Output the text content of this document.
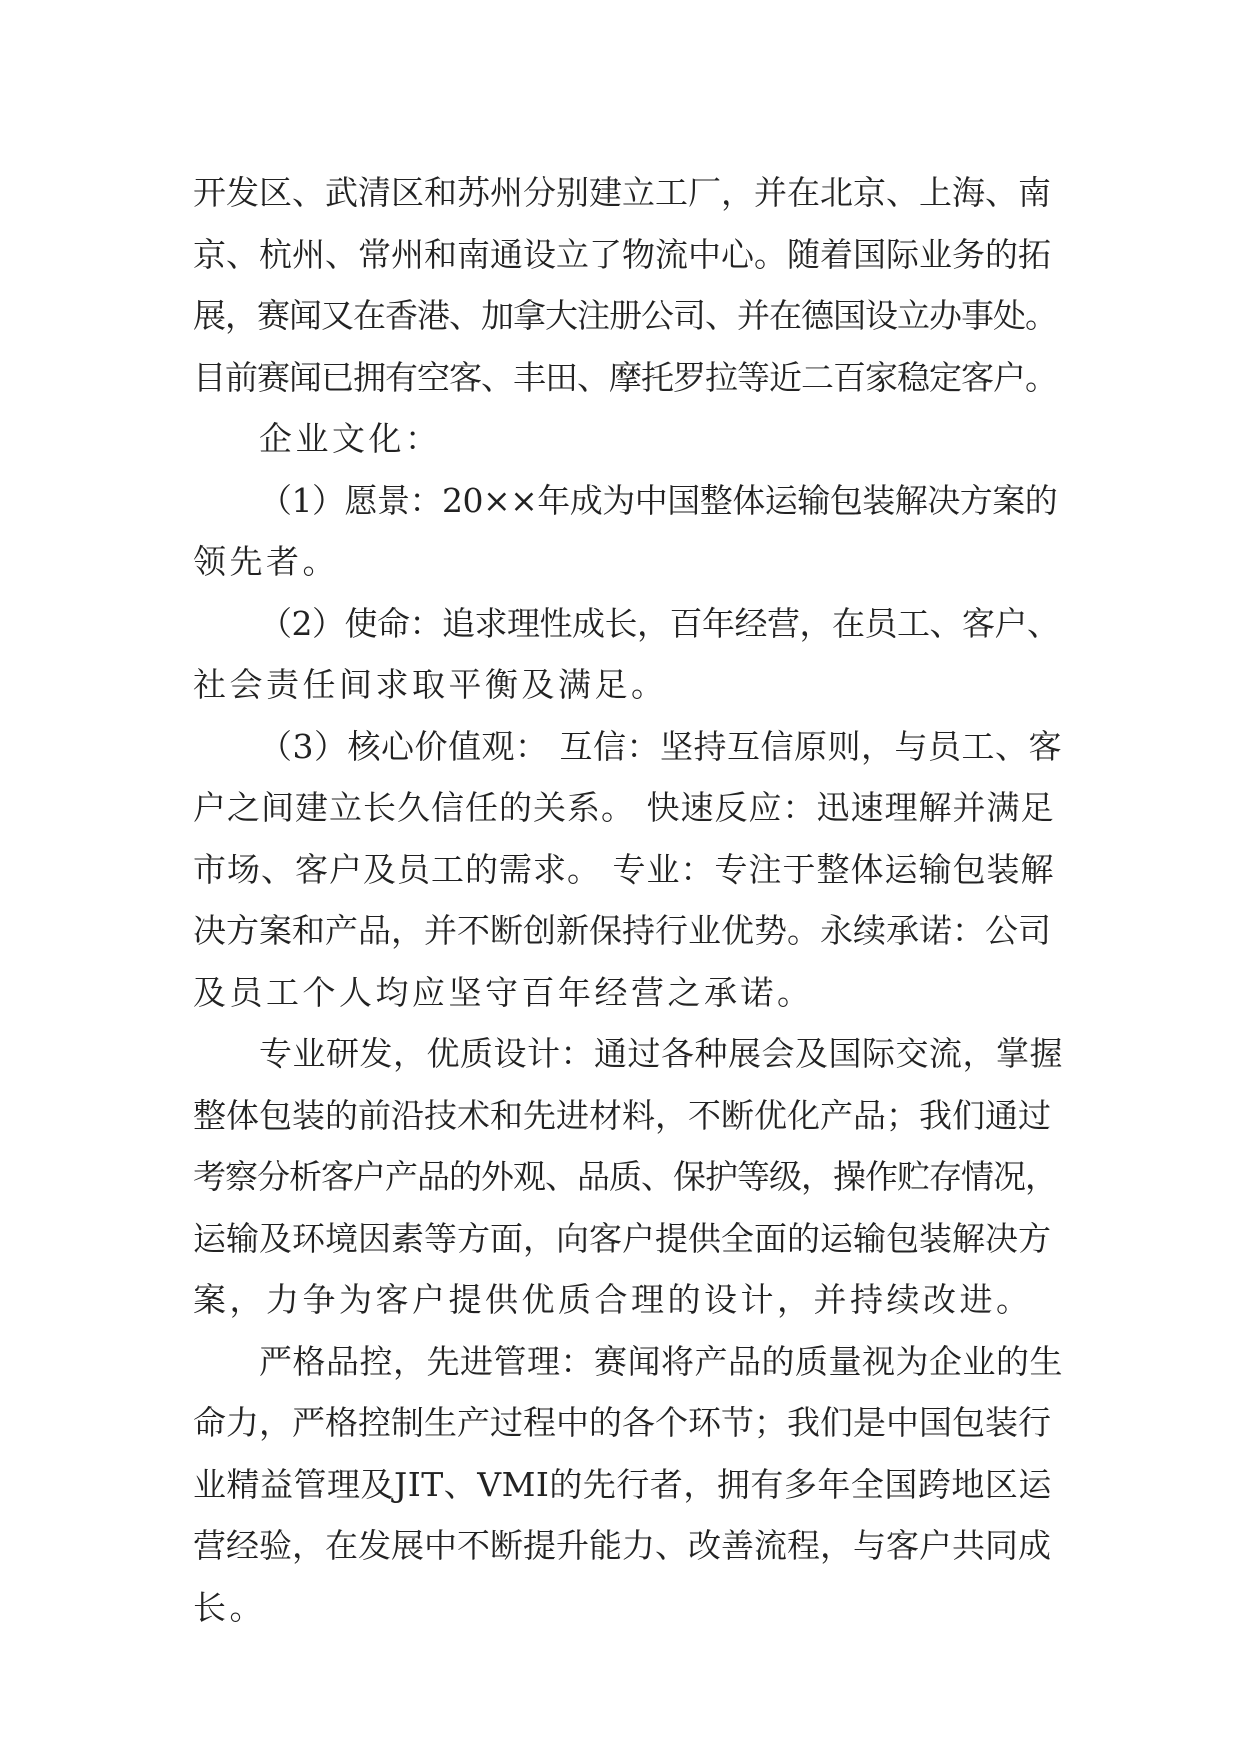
开发区、武清区和苏州分别建立工厂，并在北京、上海、南
京、杭州、常州和南通设立了物流中心。随着国际业务的拓
展，赛闻又在香港、加拿大注册公司、并在德国设立办事处。
目前赛闻已拥有空客、丰田、摩托罗拉等近二百家稳定客户。
企业文化：
（1）愿景：20××年成为中国整体运输包装解决方案的
领先者。
（2）使命：追求理性成长，百年经营，在员工、客户、
社会责任间求取平衡及满足。
（3）核心价值观： 互信：坚持互信原则，与员工、客
户之间建立长久信任的关系。 快速反应：迅速理解并满足
市场、客户及员工的需求。 专业：专注于整体运输包装解
决方案和产品，并不断创新保持行业优势。永续承诺：公司
及员工个人均应坚守百年经营之承诺。
专业研发，优质设计：通过各种展会及国际交流，掌握
整体包装的前沿技术和先进材料，不断优化产品；我们通过
考察分析客户产品的外观、品质、保护等级，操作贮存情况，
运输及环境因素等方面，向客户提供全面的运输包装解决方
案，力争为客户提供优质合理的设计，并持续改进。
严格品控，先进管理：赛闻将产品的质量视为企业的生
命力，严格控制生产过程中的各个环节；我们是中国包装行
业精益管理及JIT、VMI的先行者，拥有多年全国跨地区运
营经验，在发展中不断提升能力、改善流程，与客户共同成
长。
